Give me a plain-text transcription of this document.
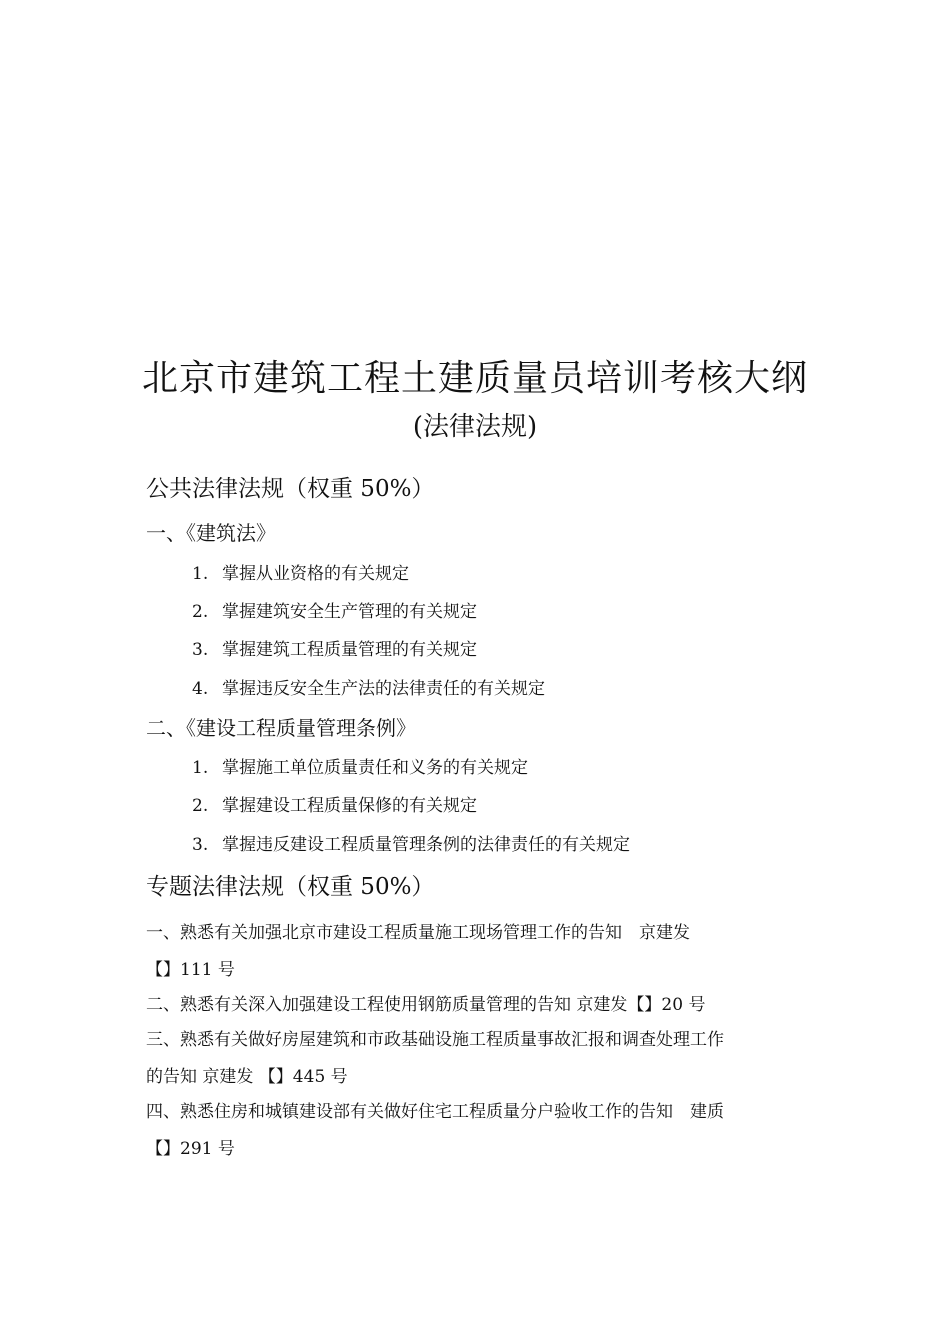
北京市建筑工程土建质量员培训考核大纲
(法律法规)
公共法律法规（权重 50%）
一、《建筑法》
1. 掌握从业资格的有关规定
2. 掌握建筑安全生产管理的有关规定
3. 掌握建筑工程质量管理的有关规定
4. 掌握违反安全生产法的法律责任的有关规定
二、《建设工程质量管理条例》
1. 掌握施工单位质量责任和义务的有关规定
2. 掌握建设工程质量保修的有关规定
3. 掌握违反建设工程质量管理条例的法律责任的有关规定
专题法律法规（权重 50%）
一、熟悉有关加强北京市建设工程质量施工现场管理工作的告知　京建发
【】111 号
二、熟悉有关深入加强建设工程使用钢筋质量管理的告知 京建发【】20 号
三、熟悉有关做好房屋建筑和市政基础设施工程质量事故汇报和调查处理工作
的告知 京建发 【】445 号
四、熟悉住房和城镇建设部有关做好住宅工程质量分户验收工作的告知　建质
【】291 号
